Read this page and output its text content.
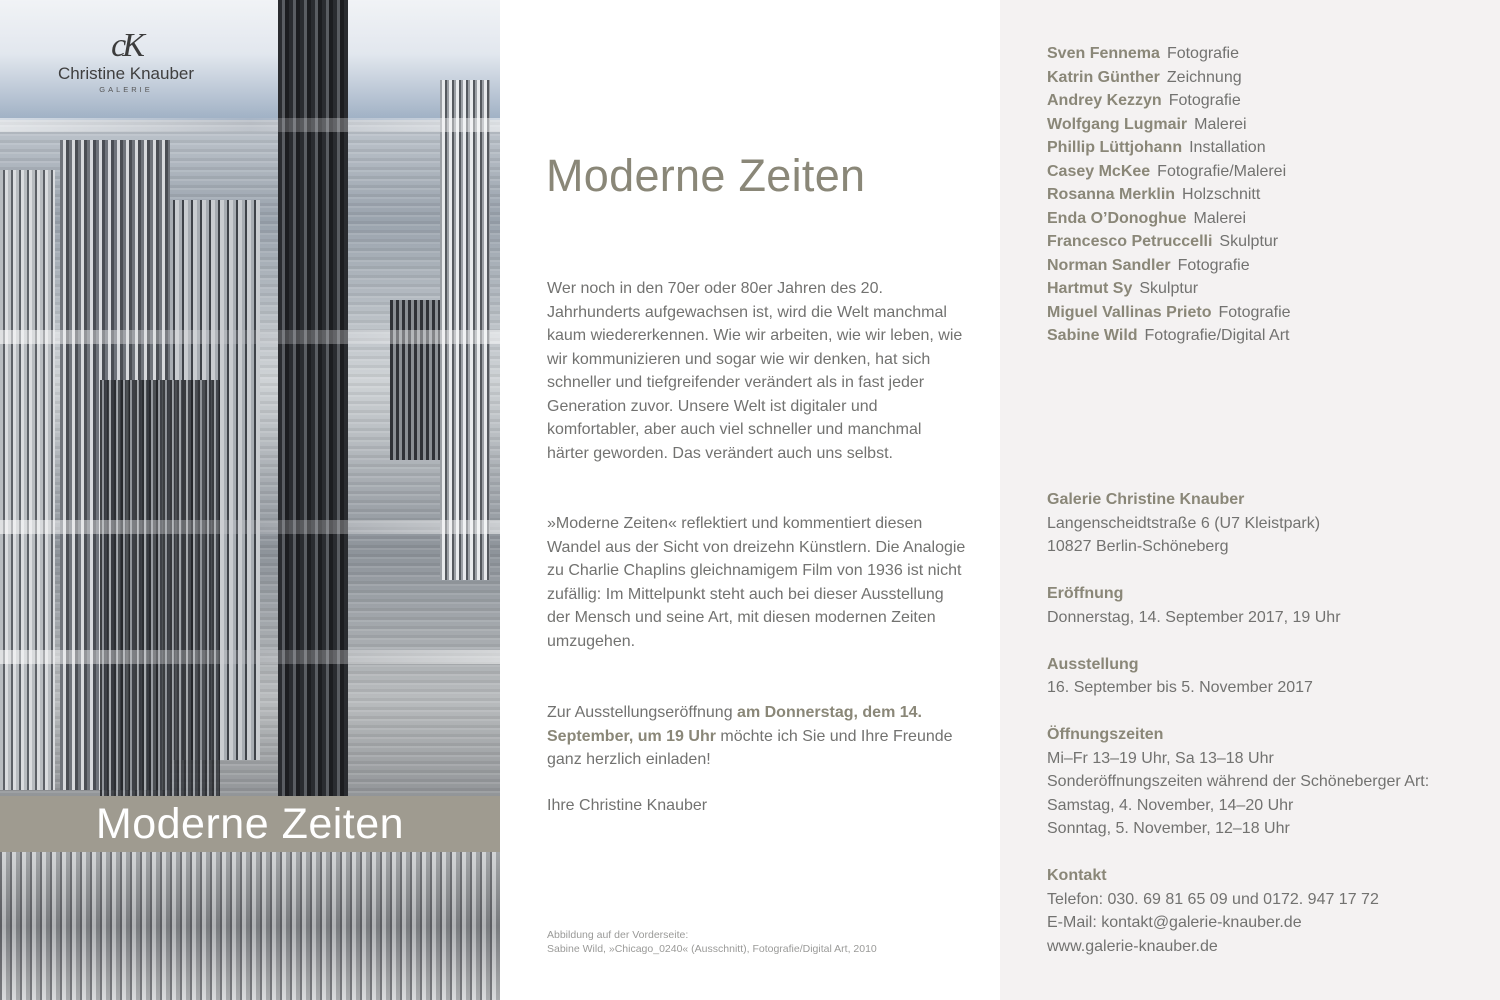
cK
Christine Knauber
GALERIE
Moderne Zeiten
Moderne Zeiten

Wer noch in den 70er oder 80er Jahren des 20. Jahrhunderts aufgewachsen ist, wird die Welt manchmal kaum wiedererkennen. Wie wir arbeiten, wie wir leben, wie wir kommunizieren und sogar wie wir denken, hat sich schneller und tiefgreifender verändert als in fast jeder Generation zuvor. Unsere Welt ist digitaler und komfortabler, aber auch viel schneller und manchmal härter geworden. Das verändert auch uns selbst.

»Moderne Zeiten« reflektiert und kommentiert diesen Wandel aus der Sicht von dreizehn Künstlern. Die Analogie zu Charlie Chaplins gleichnamigem Film von 1936 ist nicht zufällig: Im Mittelpunkt steht auch bei dieser Ausstellung der Mensch und seine Art, mit diesen modernen Zeiten umzugehen.

Zur Ausstellungseröffnung am Donnerstag, dem 14. September, um 19 Uhr möchte ich Sie und Ihre Freunde ganz herzlich einladen!

Ihre Christine Knauber

Abbildung auf der Vorderseite:
Sabine Wild, »Chicago_0240« (Ausschnitt), Fotografie/Digital Art, 2010
Sven Fennema Fotografie
Katrin Günther Zeichnung
Andrey Kezzyn Fotografie
Wolfgang Lugmair Malerei
Phillip Lüttjohann Installation
Casey McKee Fotografie/Malerei
Rosanna Merklin Holzschnitt
Enda O’Donoghue Malerei
Francesco Petruccelli Skulptur
Norman Sandler Fotografie
Hartmut Sy Skulptur
Miguel Vallinas Prieto Fotografie
Sabine Wild Fotografie/Digital Art
Galerie Christine Knauber
Langenscheidtstraße 6 (U7 Kleistpark)
10827 Berlin-Schöneberg
Eröffnung
Donnerstag, 14. September 2017, 19 Uhr
Ausstellung
16. September bis 5. November 2017
Öffnungszeiten
Mi–Fr 13–19 Uhr, Sa 13–18 Uhr
Sonderöffnungszeiten während der Schöneberger Art:
Samstag, 4. November, 14–20 Uhr
Sonntag, 5. November, 12–18 Uhr
Kontakt
Telefon: 030. 69 81 65 09 und 0172. 947 17 72
E-Mail: kontakt@galerie-knauber.de
www.galerie-knauber.de
